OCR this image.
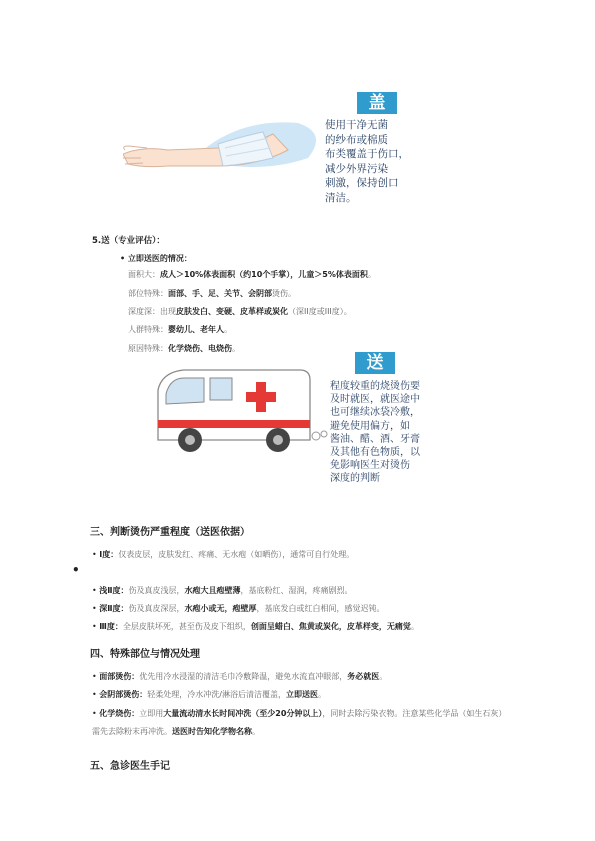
盖
使用干净无菌
的纱布或棉质
布类覆盖于伤口，
减少外界污染
刺激，保持创口
清洁。
5.送（专业评估）：
• 立即送医的情况：
面积大：成人＞10%体表面积（约10个手掌），儿童＞5%体表面积。
部位特殊：面部、手、足、关节、会阴部烫伤。
深度深：出现皮肤发白、变硬、皮革样或炭化（深II度或III度）。
人群特殊：婴幼儿、老年人。
原因特殊：化学烧伤、电烧伤。
送
程度较重的烧烫伤要
及时就医，就医途中
也可继续冰袋冷敷，
避免使用偏方，如
酱油、醋、酒、牙膏
及其他有色物质，以
免影响医生对烫伤
深度的判断
三、判断烫伤严重程度（送医依据）
• Ⅰ度：仅表皮层，皮肤发红、疼痛、无水疱（如晒伤），通常可自行处理。
• 浅Ⅱ度：伤及真皮浅层，水疱大且疱壁薄，基底粉红、湿润，疼痛剧烈。
• 深Ⅱ度：伤及真皮深层，水疱小或无，疱壁厚，基底发白或红白相间，感觉迟钝。
• Ⅲ度：全层皮肤坏死，甚至伤及皮下组织，创面呈蜡白、焦黄或炭化，皮革样变，无痛觉。
•
四、特殊部位与情况处理
• 面部烫伤：优先用冷水浸湿的清洁毛巾冷敷降温，避免水流直冲眼部，务必就医。
• 会阴部烫伤：轻柔处理，冷水冲洗/淋浴后清洁覆盖，立即送医。
• 化学烧伤：立即用大量流动清水长时间冲洗（至少20分钟以上），同时去除污染衣物。注意某些化学品（如生石灰）需先去除粉末再冲洗。送医时告知化学物名称。
五、急诊医生手记
